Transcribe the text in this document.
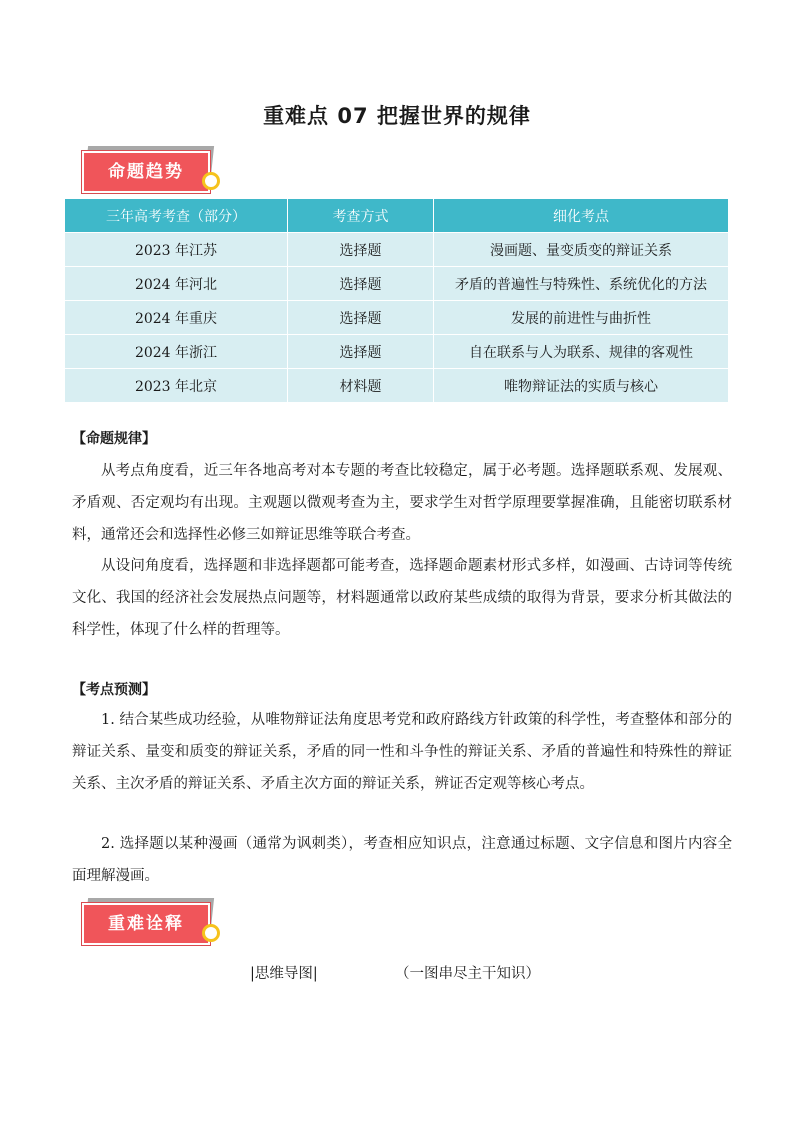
重难点 07 把握世界的规律
命题趋势
三年高考考查（部分）	考查方式	细化考点
2023 年江苏	选择题	漫画题、量变质变的辩证关系
2024 年河北	选择题	矛盾的普遍性与特殊性、系统优化的方法
2024 年重庆	选择题	发展的前进性与曲折性
2024 年浙江	选择题	自在联系与人为联系、规律的客观性
2023 年北京	材料题	唯物辩证法的实质与核心
【命题规律】
从考点角度看，近三年各地高考对本专题的考查比较稳定，属于必考题。选择题联系观、发展观、矛盾观、否定观均有出现。主观题以微观考查为主，要求学生对哲学原理要掌握准确，且能密切联系材料，通常还会和选择性必修三如辩证思维等联合考查。
从设问角度看，选择题和非选择题都可能考查，选择题命题素材形式多样，如漫画、古诗词等传统文化、我国的经济社会发展热点问题等，材料题通常以政府某些成绩的取得为背景，要求分析其做法的科学性，体现了什么样的哲理等。
【考点预测】
1. 结合某些成功经验，从唯物辩证法角度思考党和政府路线方针政策的科学性，考查整体和部分的辩证关系、量变和质变的辩证关系，矛盾的同一性和斗争性的辩证关系、矛盾的普遍性和特殊性的辩证关系、主次矛盾的辩证关系、矛盾主次方面的辩证关系，辨证否定观等核心考点。
2. 选择题以某种漫画（通常为讽刺类），考查相应知识点，注意通过标题、文字信息和图片内容全面理解漫画。
重难诠释
|思维导图|	（一图串尽主干知识）
